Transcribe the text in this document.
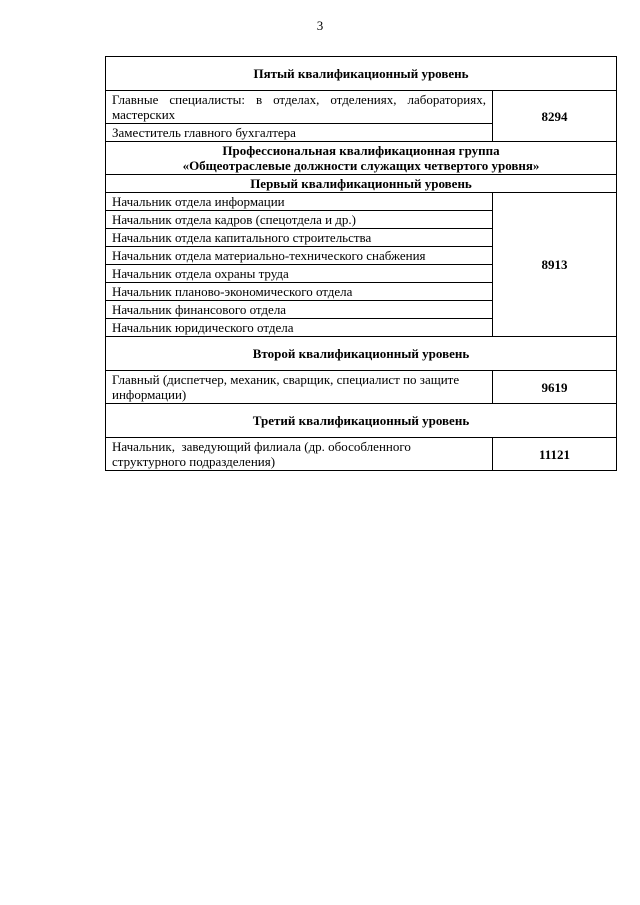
3
Пятый квалификационный уровень	
Главные специалисты: в отделах, отделениях, лабораториях, мастерских	8294
Заместитель главного бухгалтера	

Профессиональная квалификационная группа
«Общеотраслевые должности служащих четвертого уровня»	

Первый квалификационный уровень	
Начальник отдела информации	8913
Начальник отдела кадров (спецотдела и др.)	
Начальник отдела капитального строительства	
Начальник отдела материально-технического снабжения	
Начальник отдела охраны труда	
Начальник планово-экономического отдела	
Начальник финансового отдела	
Начальник юридического отдела	
Второй квалификационный уровень	
Главный (диспетчер, механик, сварщик, специалист по защите информации)	9619
Третий квалификационный уровень	
Начальник,  заведующий филиала (др. обособленного структурного подразделения)	11121
